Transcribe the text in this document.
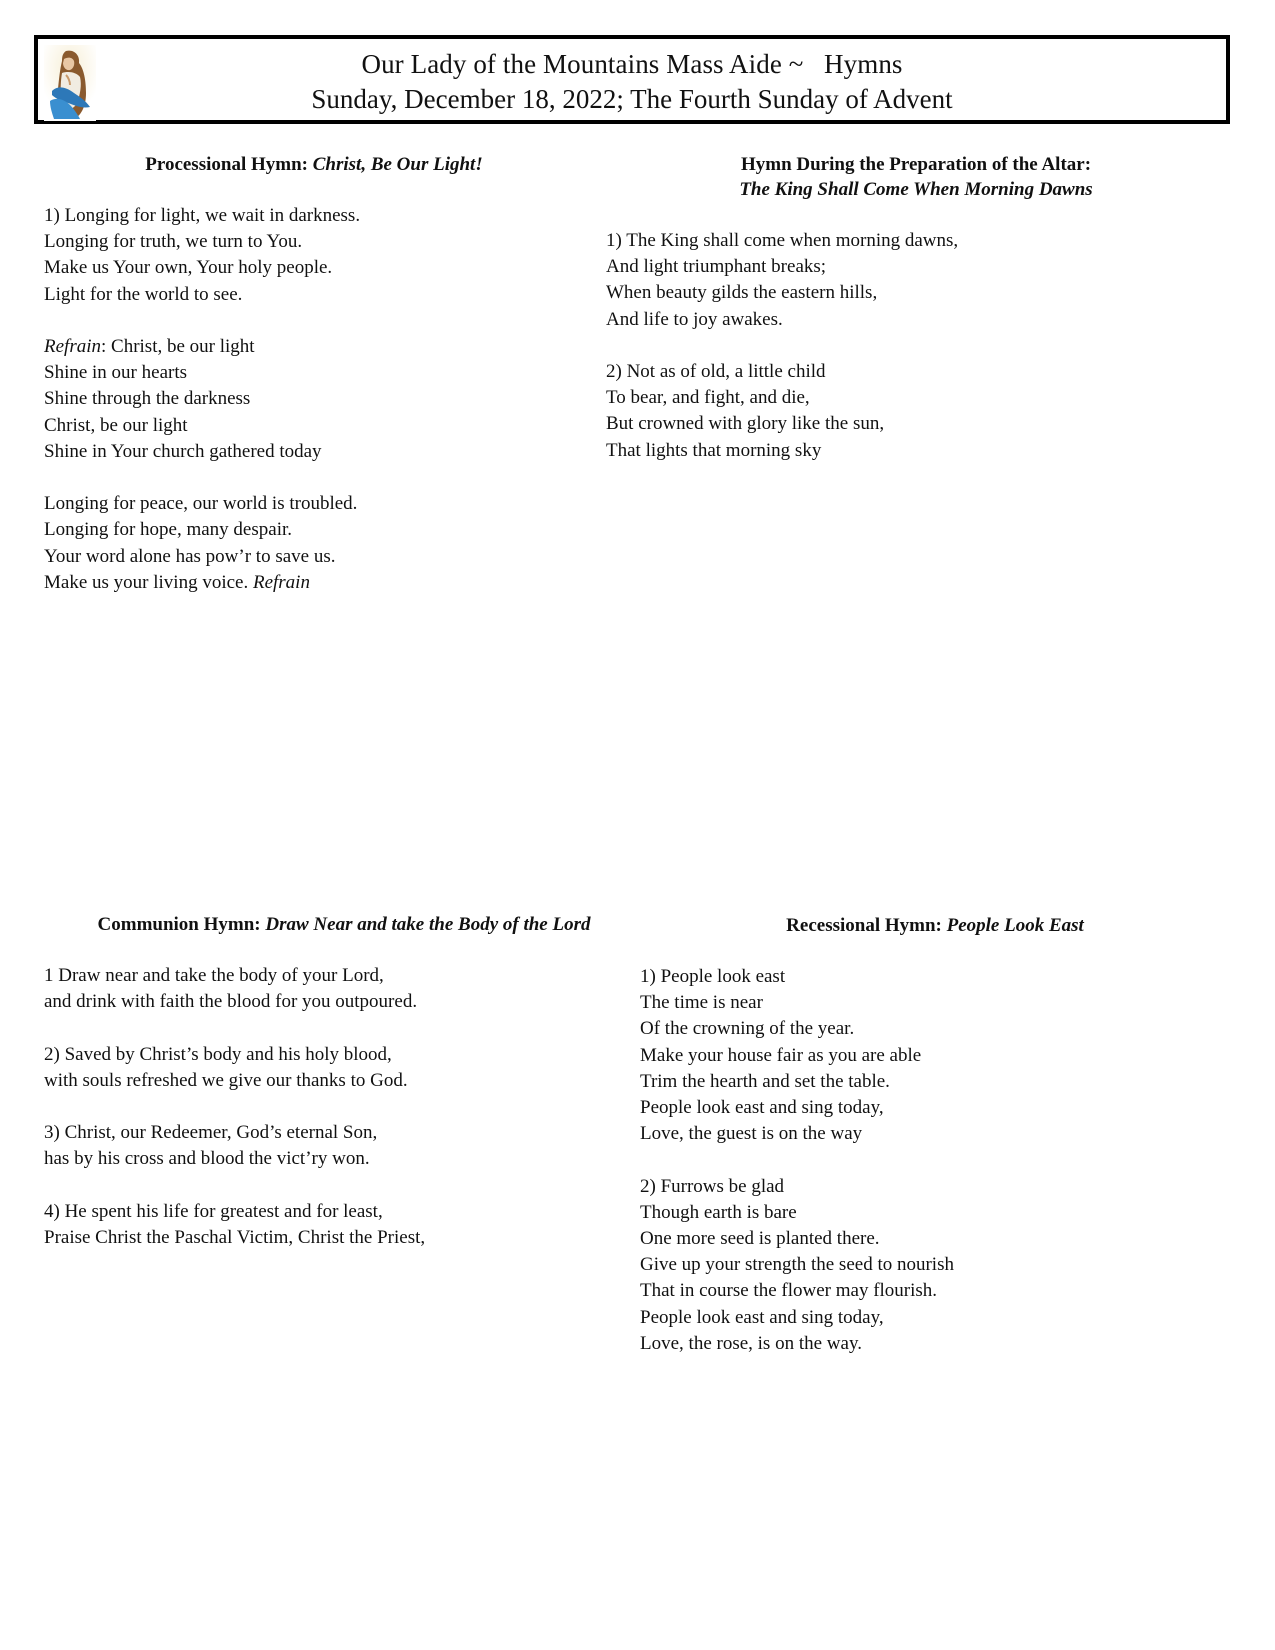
Our Lady of the Mountains Mass Aide ~   Hymns
Sunday, December 18, 2022; The Fourth Sunday of Advent
Processional Hymn: Christ, Be Our Light!
1) Longing for light, we wait in darkness.
Longing for truth, we turn to You.
Make us Your own, Your holy people.
Light for the world to see.
Refrain: Christ, be our light
Shine in our hearts
Shine through the darkness
Christ, be our light
Shine in Your church gathered today
Longing for peace, our world is troubled.
Longing for hope, many despair.
Your word alone has pow’r to save us.
Make us your living voice. Refrain
Hymn During the Preparation of the Altar:
The King Shall Come When Morning Dawns
1) The King shall come when morning dawns,
And light triumphant breaks;
When beauty gilds the eastern hills,
And life to joy awakes.
2) Not as of old, a little child
To bear, and fight, and die,
But crowned with glory like the sun,
That lights that morning sky
Communion Hymn: Draw Near and take the Body of the Lord
1 Draw near and take the body of your Lord,
and drink with faith the blood for you outpoured.
2) Saved by Christ’s body and his holy blood,
with souls refreshed we give our thanks to God.
3) Christ, our Redeemer, God’s eternal Son,
has by his cross and blood the vict’ry won.
4) He spent his life for greatest and for least,
Praise Christ the Paschal Victim, Christ the Priest,
Recessional Hymn: People Look East
1) People look east
The time is near
Of the crowning of the year.
Make your house fair as you are able
Trim the hearth and set the table.
People look east and sing today,
Love, the guest is on the way
2) Furrows be glad
Though earth is bare
One more seed is planted there.
Give up your strength the seed to nourish
That in course the flower may flourish.
People look east and sing today,
Love, the rose, is on the way.
